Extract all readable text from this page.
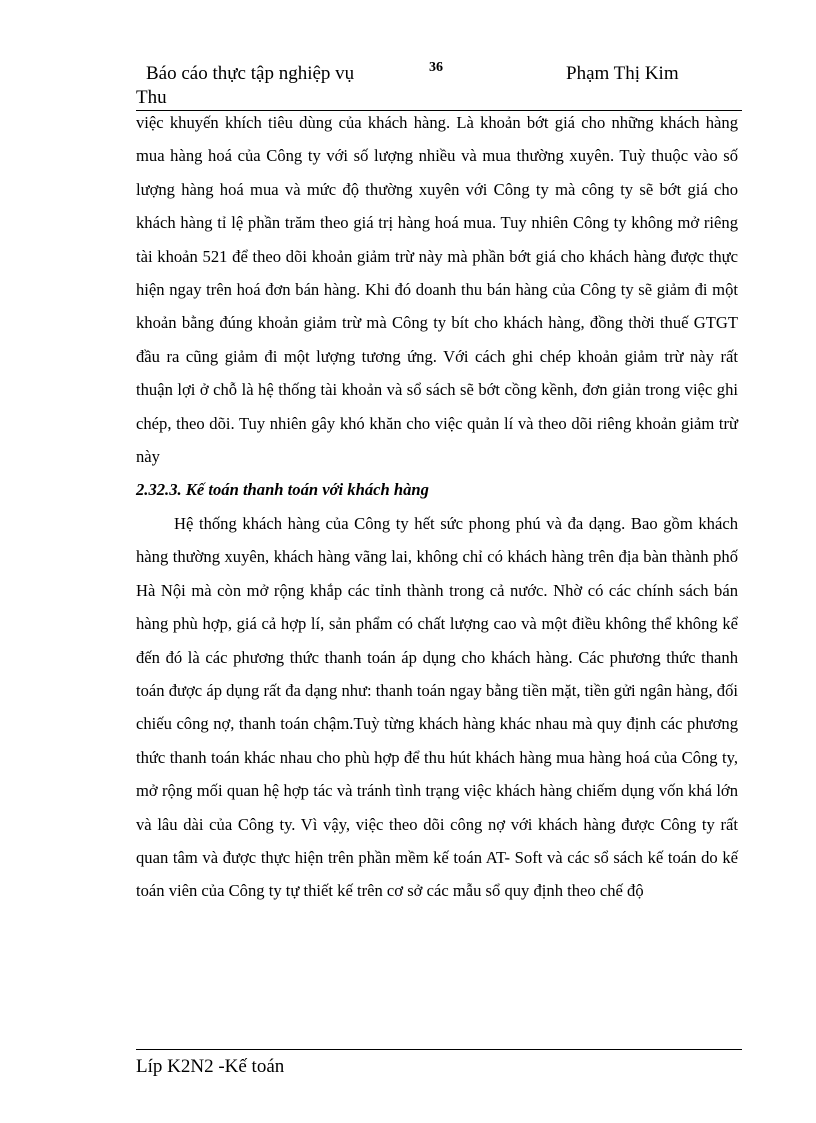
Báo cáo thực tập nghiệp vụ	36	Phạm Thị Kim
Thu

việc khuyến khích tiêu dùng của khách hàng. Là khoản bớt giá cho những khách hàng mua hàng hoá của Công ty với số lượng nhiều và mua thường xuyên. Tuỳ thuộc vào số lượng hàng hoá mua và mức độ thường xuyên với Công ty mà công ty sẽ bớt giá cho khách hàng tỉ lệ phần trăm theo giá trị hàng hoá mua. Tuy nhiên Công ty không mở riêng tài khoản 521 để theo dõi khoản giảm trừ này mà phần bớt giá cho khách hàng được thực hiện ngay trên hoá đơn bán hàng. Khi đó doanh thu bán hàng của Công ty sẽ giảm đi một khoản bằng đúng khoản giảm trừ mà Công ty bít cho khách hàng, đồng thời thuế GTGT đầu ra cũng giảm đi một lượng tương ứng. Với cách ghi chép khoản giảm trừ này rất thuận lợi ở chỗ là hệ thống tài khoản và sổ sách sẽ bớt cồng kềnh, đơn giản trong việc ghi chép, theo dõi. Tuy nhiên gây khó khăn cho việc quản lí và theo dõi riêng khoản giảm trừ này

2.32.3. Kế toán thanh toán với khách hàng

Hệ thống khách hàng của Công ty hết sức phong phú và đa dạng. Bao gồm khách hàng thường xuyên, khách hàng vãng lai, không chỉ có khách hàng trên địa bàn thành phố Hà Nội mà còn mở rộng khắp các tỉnh thành trong cả nước. Nhờ có các chính sách bán hàng phù hợp, giá cả hợp lí, sản phẩm có chất lượng cao và một điều không thể không kể đến đó là các phương thức thanh toán áp dụng cho khách hàng. Các phương thức thanh toán được áp dụng rất đa dạng như: thanh toán ngay bằng tiền mặt, tiền gửi ngân hàng, đối chiếu công nợ, thanh toán chậm.Tuỳ từng khách hàng khác nhau mà quy định các phương thức thanh toán khác nhau cho phù hợp để thu hút khách hàng mua hàng hoá của Công ty, mở rộng mối quan hệ hợp tác và tránh tình trạng việc khách hàng chiếm dụng vốn khá lớn và lâu dài của Công ty. Vì vậy, việc theo dõi công nợ với khách hàng được Công ty rất quan tâm và được thực hiện trên phần mềm kế toán AT- Soft và các sổ sách kế toán do kế toán viên của Công ty tự thiết kế trên cơ sở các mẫu sổ quy định theo chế độ

Líp K2N2 -Kế toán
